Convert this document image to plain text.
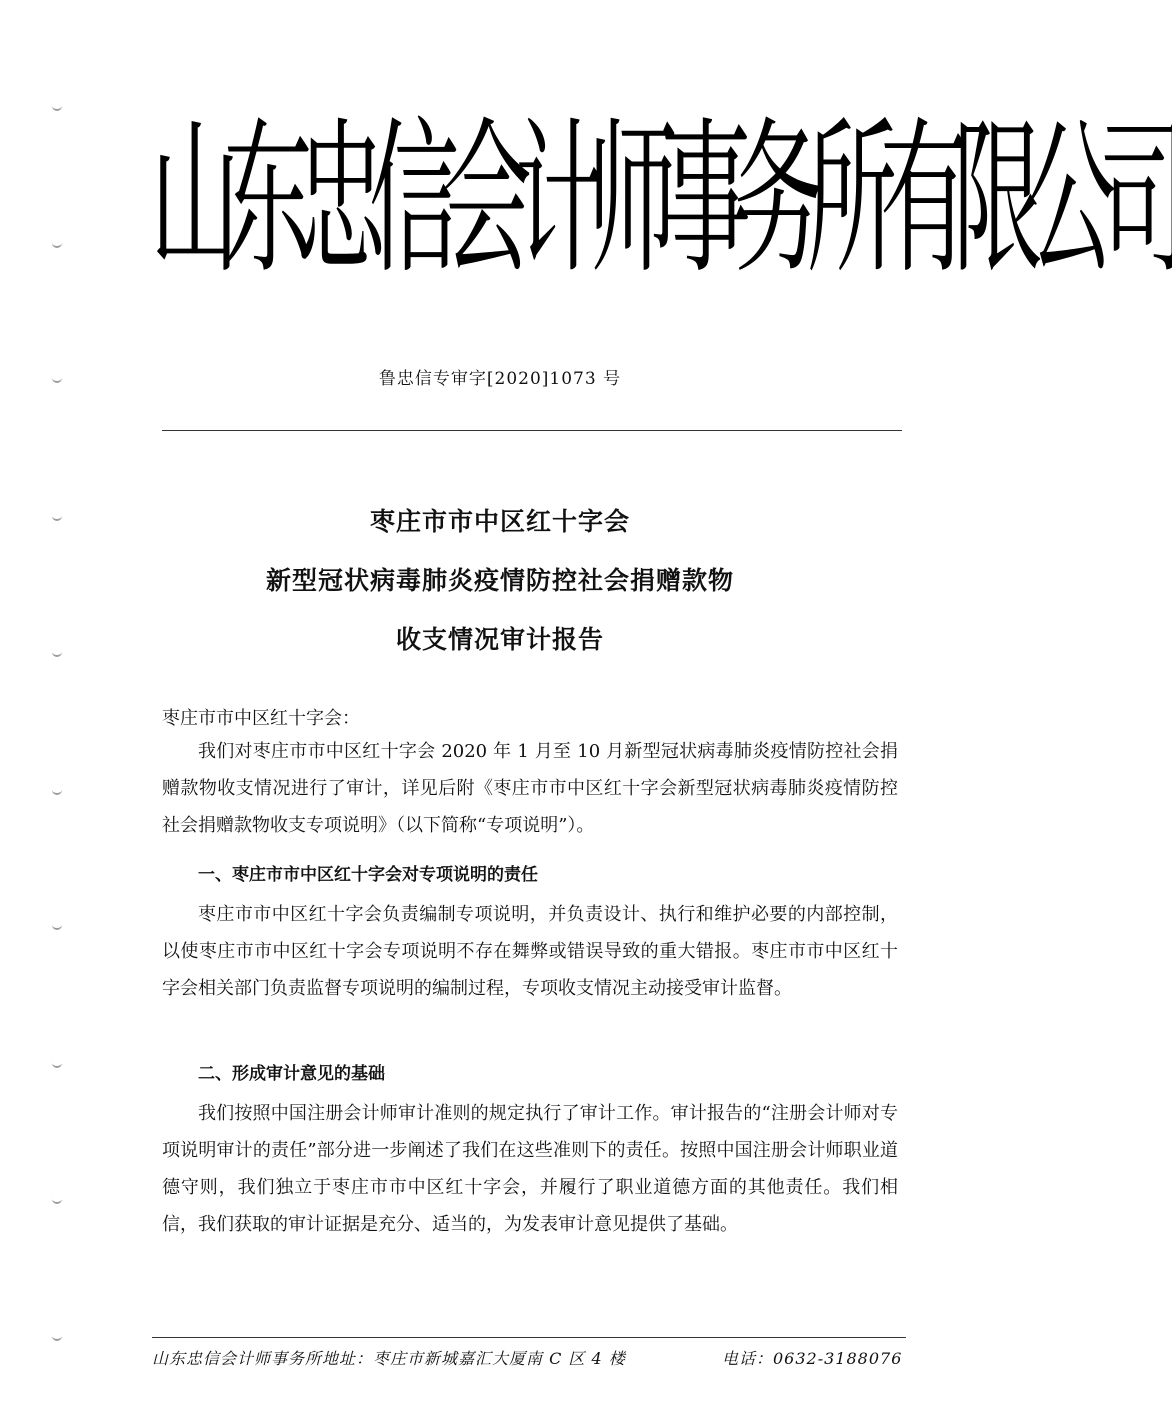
山东忠信会计师事务所有限公司
鲁忠信专审字[2020]1073 号
枣庄市市中区红十字会
新型冠状病毒肺炎疫情防控社会捐赠款物
收支情况审计报告
枣庄市市中区红十字会：

我们对枣庄市市中区红十字会 2020 年 1 月至 10 月新型冠状病毒肺炎疫情防控社会捐赠款物收支情况进行了审计，详见后附《枣庄市市中区红十字会新型冠状病毒肺炎疫情防控社会捐赠款物收支专项说明》（以下简称“专项说明”）。

一、枣庄市市中区红十字会对专项说明的责任

枣庄市市中区红十字会负责编制专项说明，并负责设计、执行和维护必要的内部控制，以使枣庄市市中区红十字会专项说明不存在舞弊或错误导致的重大错报。枣庄市市中区红十字会相关部门负责监督专项说明的编制过程，专项收支情况主动接受审计监督。

二、形成审计意见的基础

我们按照中国注册会计师审计准则的规定执行了审计工作。审计报告的“注册会计师对专项说明审计的责任”部分进一步阐述了我们在这些准则下的责任。按照中国注册会计师职业道德守则，我们独立于枣庄市市中区红十字会，并履行了职业道德方面的其他责任。我们相信，我们获取的审计证据是充分、适当的，为发表审计意见提供了基础。

山东忠信会计师事务所地址：枣庄市新城嘉汇大厦南 C 区 4 楼	电话：0632-3188076
